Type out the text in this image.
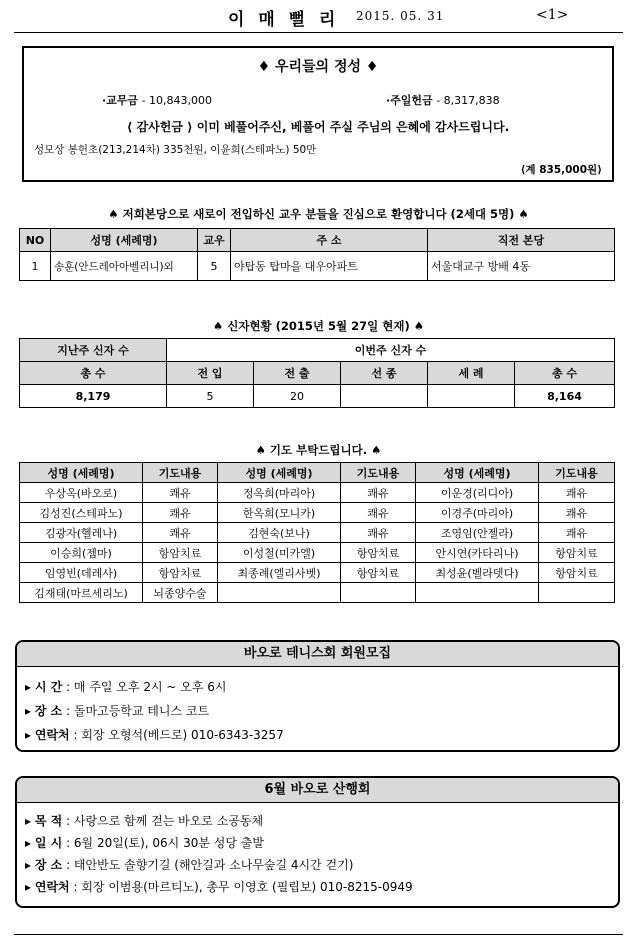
이 매 뻘 리 2015. 05. 31	<1>
♦ 우리들의 정성 ♦
·교무금 - 10,843,000	·주일헌금 - 8,317,838
⟨ 감사헌금 ⟩ 이미 베풀어주신, 베풀어 주실 주님의 은혜에 감사드립니다.
성모상 봉헌초(213,214차) 335천원, 이윤희(스테파노) 50만
⟨계 835,000원⟩
♠ 저희본당으로 새로이 전입하신 교우 분들을 진심으로 환영합니다 (2세대 5명) ♠
NO	성명 (세례명)	교우	주 소	직전 본당
1	송훈(안드레아아벨리니)외	5	야탑동 탑마을 대우아파트	서울대교구 방배 4동
♠ 신자현황 (2015년 5월 27일 현재) ♠
지난주 신자 수	이번주 신자 수				
총 수	전 입	전 출	선 종	세 례	총 수
8,179	5	20			8,164
♠ 기도 부탁드립니다. ♠
성명 (세례명)	기도내용	성명 (세례명)	기도내용	성명 (세례명)	기도내용
우상옥(바오로)	쾌유	정옥희(마리아)	쾌유	이운경(리디아)	쾌유
김성진(스테파노)	쾌유	한옥희(모니카)	쾌유	이경주(마리아)	쾌유
김광자(헬레나)	쾌유	김현숙(보나)	쾌유	조영임(안젤라)	쾌유
이승희(젬마)	항암치료	이성철(미카엘)	항암치료	안시연(카타리나)	항암치료
임영빈(데레사)	항암치료	최종례(엘리사벳)	항암치료	최성윤(벨라뎃다)	항암치료
김재태(마르세리노)	뇌종양수술				
바오로 테니스회 회원모집
▸ 시 간 : 매 주일 오후 2시 ~ 오후 6시
▸ 장 소 : 돌마고등학교 테니스 코트
▸ 연락처 : 회장 오형석(베드로) 010-6343-3257
6월 바오로 산행회
▸ 목 적 : 사랑으로 함께 걷는 바오로 소공동체
▸ 일 시 : 6월 20일(토), 06시 30분 성당 출발
▸ 장 소 : 태안반도 솔향기길 (해안길과 소나무숲길 4시간 걷기)
▸ 연락처 : 회장 이범용(마르티노), 총무 이영호 (필립보) 010-8215-0949
